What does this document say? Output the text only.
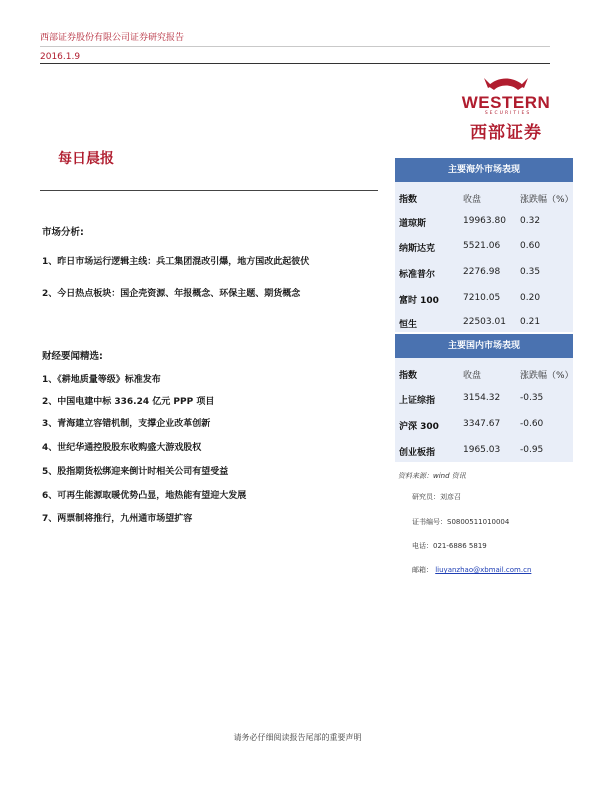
西部证券股份有限公司证券研究报告
2016.1.9
WESTERN
SECURITIES
西部证券
每日晨报
市场分析:
1、昨日市场运行逻辑主线：兵工集团混改引爆，地方国改此起彼伏
2、今日热点板块：国企壳资源、年报概念、环保主题、期货概念
财经要闻精选:
1、《耕地质量等级》标准发布
2、中国电建中标 336.24 亿元 PPP 项目
3、青海建立容错机制，支撑企业改革创新
4、世纪华通控股股东收购盛大游戏股权
5、股指期货松绑迎来倒计时相关公司有望受益
6、可再生能源取暖优势凸显，地热能有望迎大发展
7、两票制将推行，九州通市场望扩容
主要海外市场表现
指数	收盘	涨跌幅（%）
道琼斯	19963.80 0.32
纳斯达克	5521.06 0.60
标准普尔	2276.98 0.35
富时 100	7210.05 0.20
恒生	22503.01 0.21
主要国内市场表现
指数	收盘	涨跌幅（%）
上证综指	3154.32 -0.35
沪深 300	3347.67 -0.60
创业板指	1965.03 -0.95
资料来源：wind 资讯
研究员：刘彦召
证书编号：S0800511010004
电话：021-6886 5819
邮箱： liuyanzhao@xbmail.com.cn
请务必仔细阅读报告尾部的重要声明
